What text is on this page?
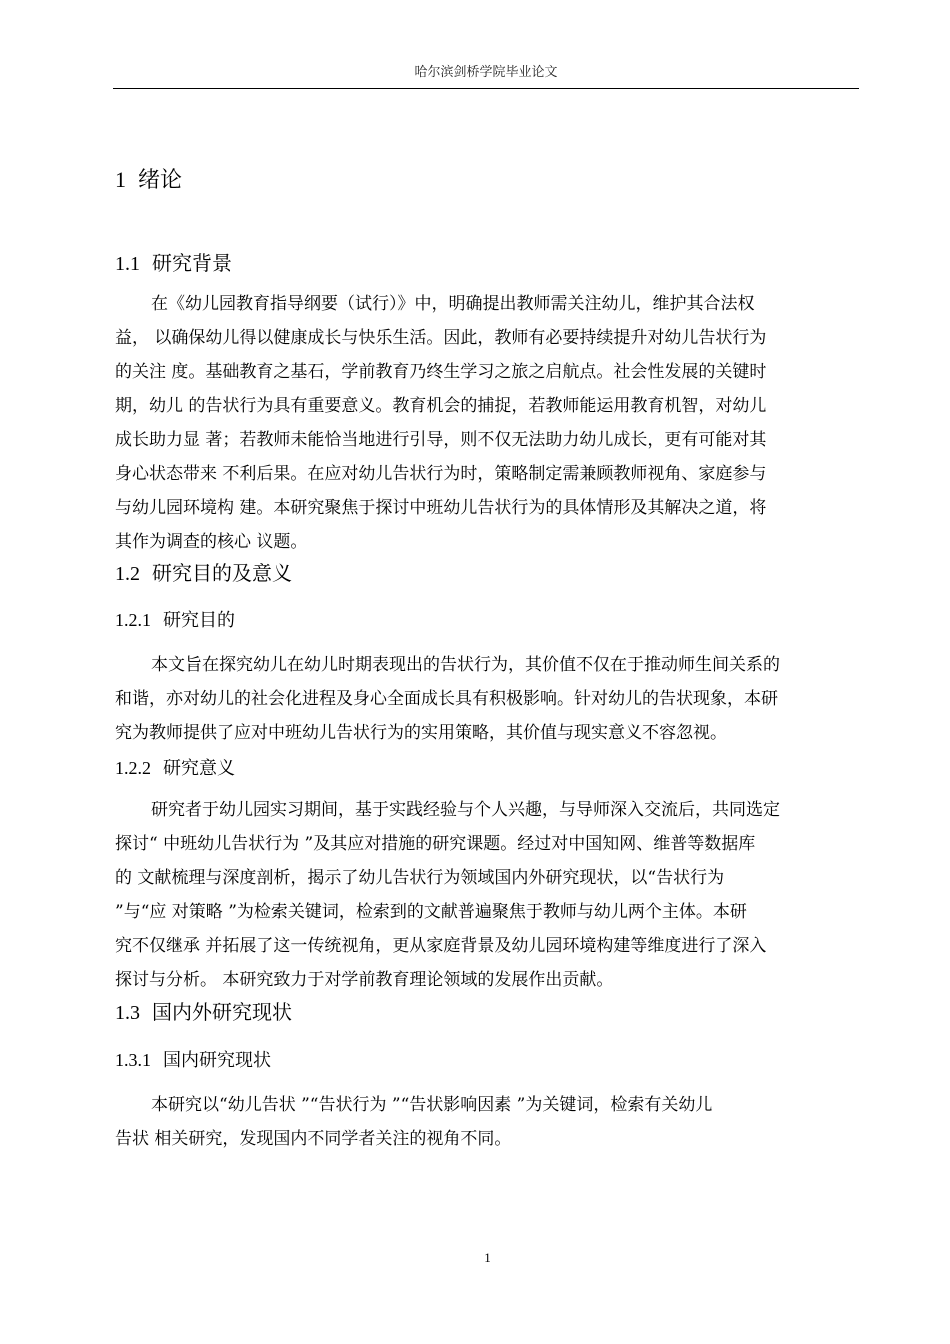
哈尔滨剑桥学院毕业论文
1 绪论
1.1 研究背景
在《幼儿园教育指导纲要（试行）》中，明确提出教师需关注幼儿，维护其合法权
益， 以确保幼儿得以健康成长与快乐生活。因此，教师有必要持续提升对幼儿告状行为
的关注 度。基础教育之基石，学前教育乃终生学习之旅之启航点。社会性发展的关键时
期，幼儿 的告状行为具有重要意义。教育机会的捕捉，若教师能运用教育机智，对幼儿
成长助力显 著；若教师未能恰当地进行引导，则不仅无法助力幼儿成长，更有可能对其
身心状态带来 不利后果。在应对幼儿告状行为时，策略制定需兼顾教师视角、家庭参与
与幼儿园环境构 建。本研究聚焦于探讨中班幼儿告状行为的具体情形及其解决之道，将
其作为调查的核心 议题。
1.2 研究目的及意义
1.2.1 研究目的
本文旨在探究幼儿在幼儿时期表现出的告状行为，其价值不仅在于推动师生间关系的
和谐，亦对幼儿的社会化进程及身心全面成长具有积极影响。针对幼儿的告状现象，本研
究为教师提供了应对中班幼儿告状行为的实用策略，其价值与现实意义不容忽视。
1.2.2 研究意义
研究者于幼儿园实习期间，基于实践经验与个人兴趣，与导师深入交流后，共同选定
探讨“ 中班幼儿告状行为 ”及其应对措施的研究课题。经过对中国知网、维普等数据库
的 文献梳理与深度剖析，揭示了幼儿告状行为领域国内外研究现状，以“告状行为
”与“应 对策略 ”为检索关键词，检索到的文献普遍聚焦于教师与幼儿两个主体。本研
究不仅继承 并拓展了这一传统视角，更从家庭背景及幼儿园环境构建等维度进行了深入
探讨与分析。 本研究致力于对学前教育理论领域的发展作出贡献。
1.3 国内外研究现状
1.3.1 国内研究现状
本研究以“幼儿告状 ”“告状行为 ”“告状影响因素 ”为关键词，检索有关幼儿
告状 相关研究，发现国内不同学者关注的视角不同。
1
